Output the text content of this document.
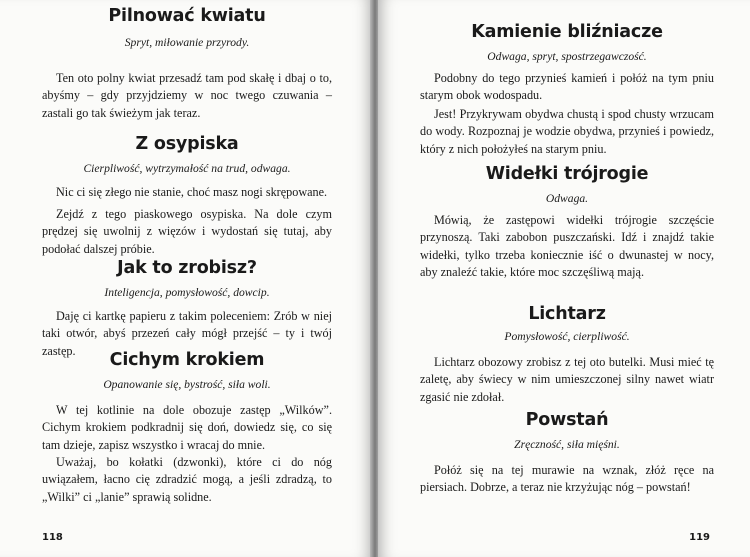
Pilnować kwiatu

Spryt, miłowanie przyrody.

Ten oto polny kwiat przesadź tam pod skałę i dbaj o to, abyśmy – gdy przyjdziemy w noc twego czuwania – zastali go tak świeżym jak teraz.

Z osypiska

Cierpliwość, wytrzymałość na trud, odwaga.

Nic ci się złego nie stanie, choć masz nogi skrępowane.

Zejdź z tego piaskowego osypiska. Na dole czym prędzej się uwolnij z więzów i wydostań się tutaj, aby podołać dalszej próbie.

Jak to zrobisz?

Inteligencja, pomysłowość, dowcip.

Daję ci kartkę papieru z takim poleceniem: Zrób w niej taki otwór, abyś przezeń cały mógł przejść – ty i twój zastęp.	Cichym krokiem

Opanowanie się, bystrość, siła woli.

W tej kotlinie na dole obozuje zastęp „Wilków”. Cichym krokiem podkradnij się doń, dowiedz się, co się tam dzieje, zapisz wszystko i wracaj do mnie.

Uważaj, bo kołatki (dzwonki), które ci do nóg uwiązałem, łacno cię zdradzić mogą, a jeśli zdradzą, to „Wilki” ci „lanie” sprawią solidne.

118
Kamienie bliźniacze

Odwaga, spryt, spostrzegawczość.

Podobny do tego przynieś kamień i połóż na tym pniu starym obok wodospadu.

Jest! Przykrywam obydwa chustą i spod chusty wrzucam do wody. Rozpoznaj je wodzie obydwa, przynieś i powiedz, który z nich położyłeś na starym pniu.

Widełki trójrogie

Odwaga.

Mówią, że zastępowi widełki trójrogie szczęście przynoszą. Taki zabobon puszczański. Idź i znajdź takie widełki, tylko trzeba koniecznie iść o dwunastej w nocy, aby znaleźć takie, które moc szczęśliwą mają.

Lichtarz

Pomysłowość, cierpliwość.

Lichtarz obozowy zrobisz z tej oto butelki. Musi mieć tę zaletę, aby świecy w nim umieszczonej silny nawet wiatr zgasić nie zdołał.

Powstań

Zręczność, siła mięśni.

Połóż się na tej murawie na wznak, złóż ręce na piersiach. Dobrze, a teraz nie krzyżując nóg – powstań!

119
